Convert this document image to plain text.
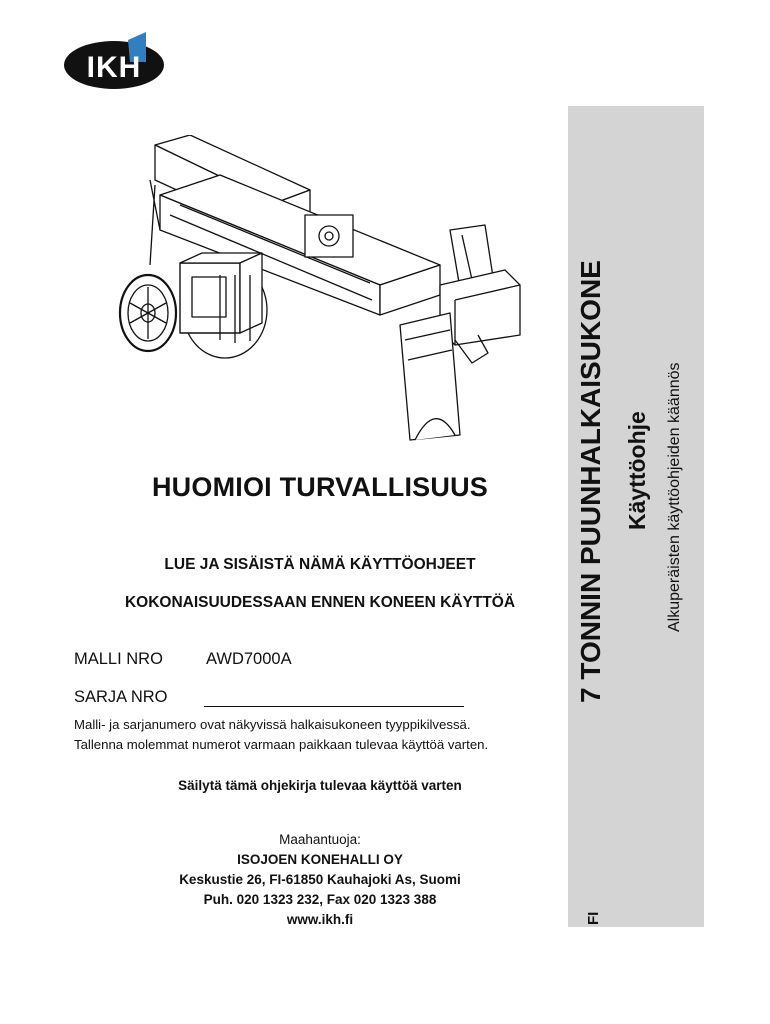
IKH
HUOMIOI TURVALLISUUS
LUE JA SISÄISTÄ NÄMÄ KÄYTTÖOHJEET
KOKONAISUUDESSAAN ENNEN KONEEN KÄYTTÖÄ
MALLI NRO	AWD7000A
SARJA NRO
Malli- ja sarjanumero ovat näkyvissä halkaisukoneen tyyppikilvessä.
Tallenna molemmat numerot varmaan paikkaan tulevaa käyttöä varten.
Säilytä tämä ohjekirja tulevaa käyttöä varten
Maahantuoja:
ISOJOEN KONEHALLI OY
Keskustie 26, FI-61850 Kauhajoki As, Suomi
Puh. 020 1323 232, Fax 020 1323 388
www.ikh.fi
7 TONNIN PUUNHALKAISUKONE Käyttöohje Alkuperäisten käyttöohjeiden käännös
FI
